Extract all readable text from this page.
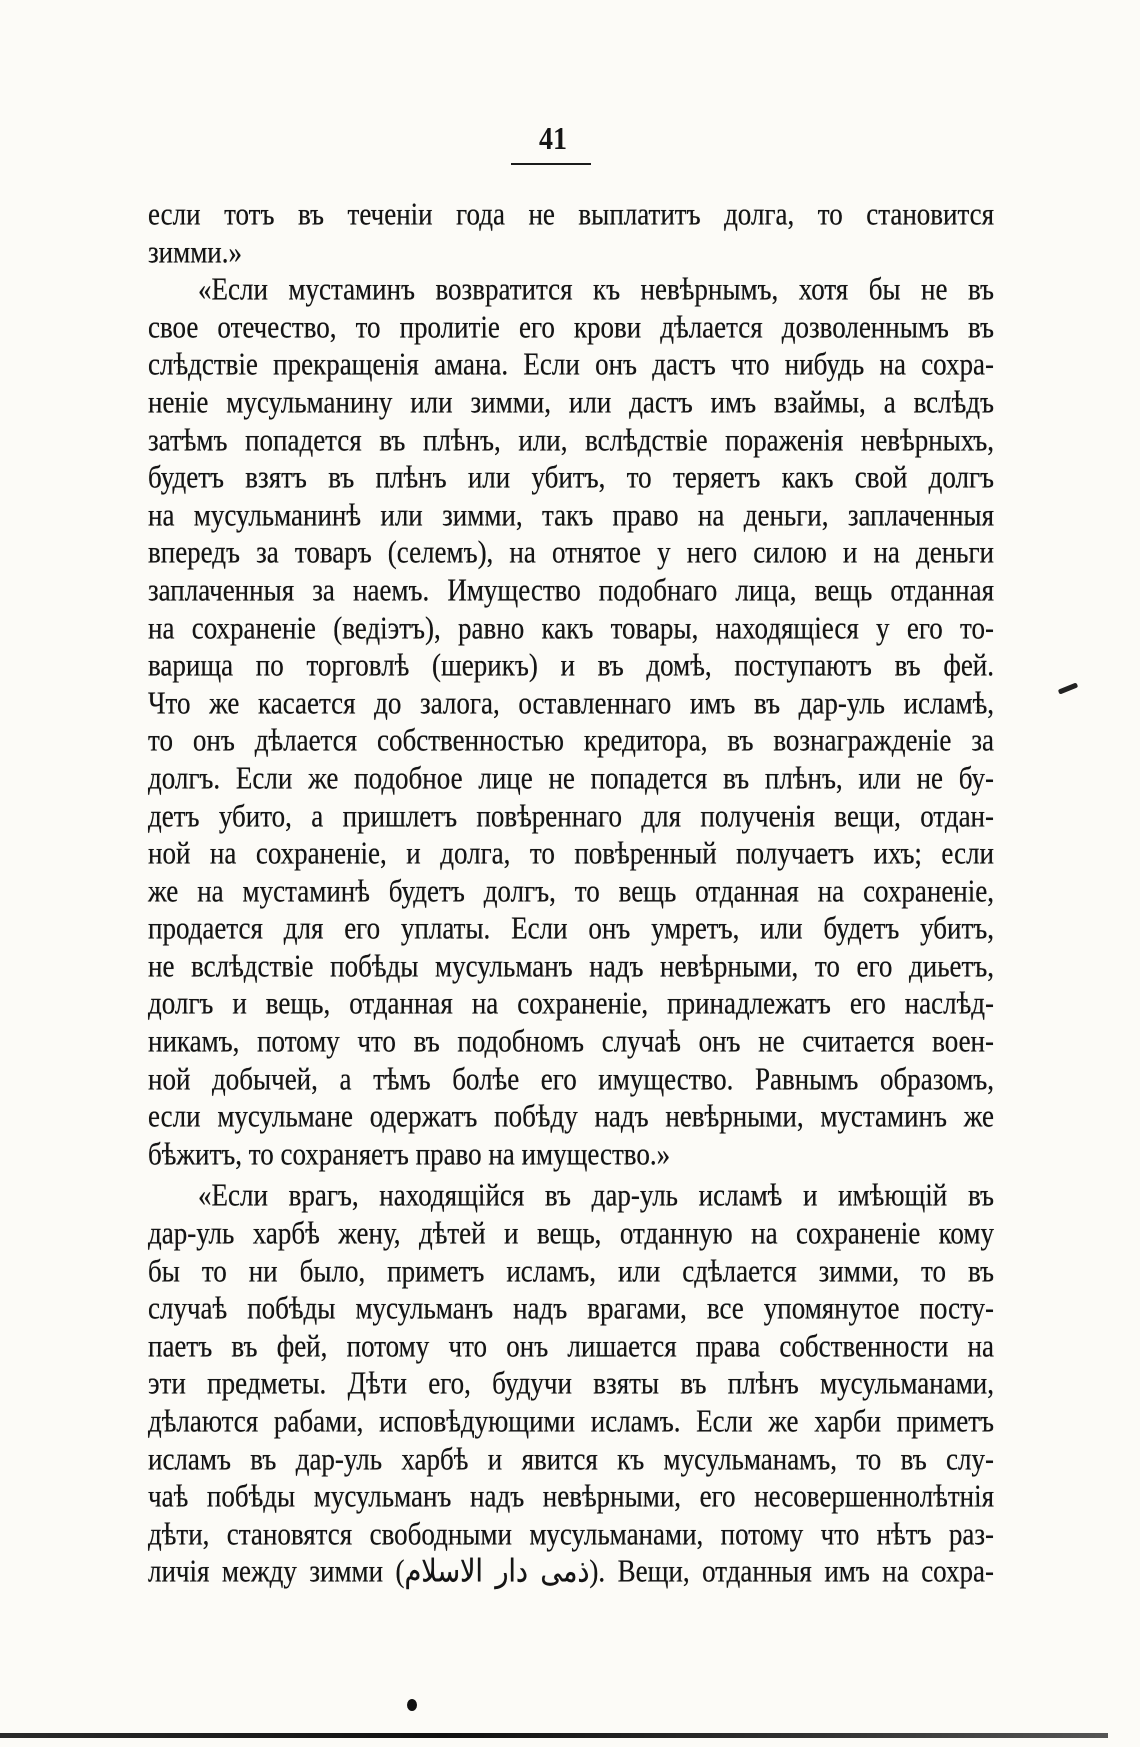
41
если тотъ въ теченіи года не выплатитъ долга, то становится
зимми.»
«Если мустаминъ возвратится къ невѣрнымъ, хотя бы не въ
свое отечество, то пролитіе его крови дѣлается дозволеннымъ въ
слѣдствіе прекращенія амана. Если онъ дастъ что нибудь на сохра-
неніе мусульманину или зимми, или дастъ имъ взаймы, а вслѣдъ
затѣмъ попадется въ плѣнъ, или, вслѣдствіе пораженія невѣрныхъ,
будетъ взятъ въ плѣнъ или убитъ, то теряетъ какъ свой долгъ
на мусульманинѣ или зимми, такъ право на деньги, заплаченныя
впередъ за товаръ (селемъ), на отнятое у него силою и на деньги
заплаченныя за наемъ. Имущество подобнаго лица, вещь отданная
на сохраненіе (ведіэтъ), равно какъ товары, находящіеся у его то-
варища по торговлѣ (шерикъ) и въ домѣ, поступаютъ въ фей.
Что же касается до залога, оставленнаго имъ въ дар-уль исламѣ,
то онъ дѣлается собственностью кредитора, въ вознагражденіе за
долгъ. Если же подобное лице не попадется въ плѣнъ, или не бу-
детъ убито, а пришлетъ повѣреннаго для полученія вещи, отдан-
ной на сохраненіе, и долга, то повѣренный получаетъ ихъ; если
же на мустаминѣ будетъ долгъ, то вещь отданная на сохраненіе,
продается для его уплаты. Если онъ умретъ, или будетъ убитъ,
не вслѣдствіе побѣды мусульманъ надъ невѣрными, то его диьетъ,
долгъ и вещь, отданная на сохраненіе, принадлежатъ его наслѣд-
никамъ, потому что въ подобномъ случаѣ онъ не считается воен-
ной добычей, а тѣмъ болѣе его имущество. Равнымъ образомъ,
если мусульмане одержатъ побѣду надъ невѣрными, мустаминъ же
бѣжитъ, то сохраняетъ право на имущество.»
«Если врагъ, находящійся въ дар-уль исламѣ и имѣющій въ
дар-уль харбѣ жену, дѣтей и вещь, отданную на сохраненіе кому
бы то ни было, приметъ исламъ, или сдѣлается зимми, то въ
случаѣ побѣды мусульманъ надъ врагами, все упомянутое посту-
паетъ въ фей, потому что онъ лишается права собственности на
эти предметы. Дѣти его, будучи взяты въ плѣнъ мусульманами,
дѣлаются рабами, исповѣдующими исламъ. Если же харби приметъ
исламъ въ дар-уль харбѣ и явится къ мусульманамъ, то въ слу-
чаѣ побѣды мусульманъ надъ невѣрными, его несовершеннолѣтнія
дѣти, становятся свободными мусульманами, потому что нѣтъ раз-
личія между зимми (ذمی دار الاسلام). Вещи, отданныя имъ на сохра-
